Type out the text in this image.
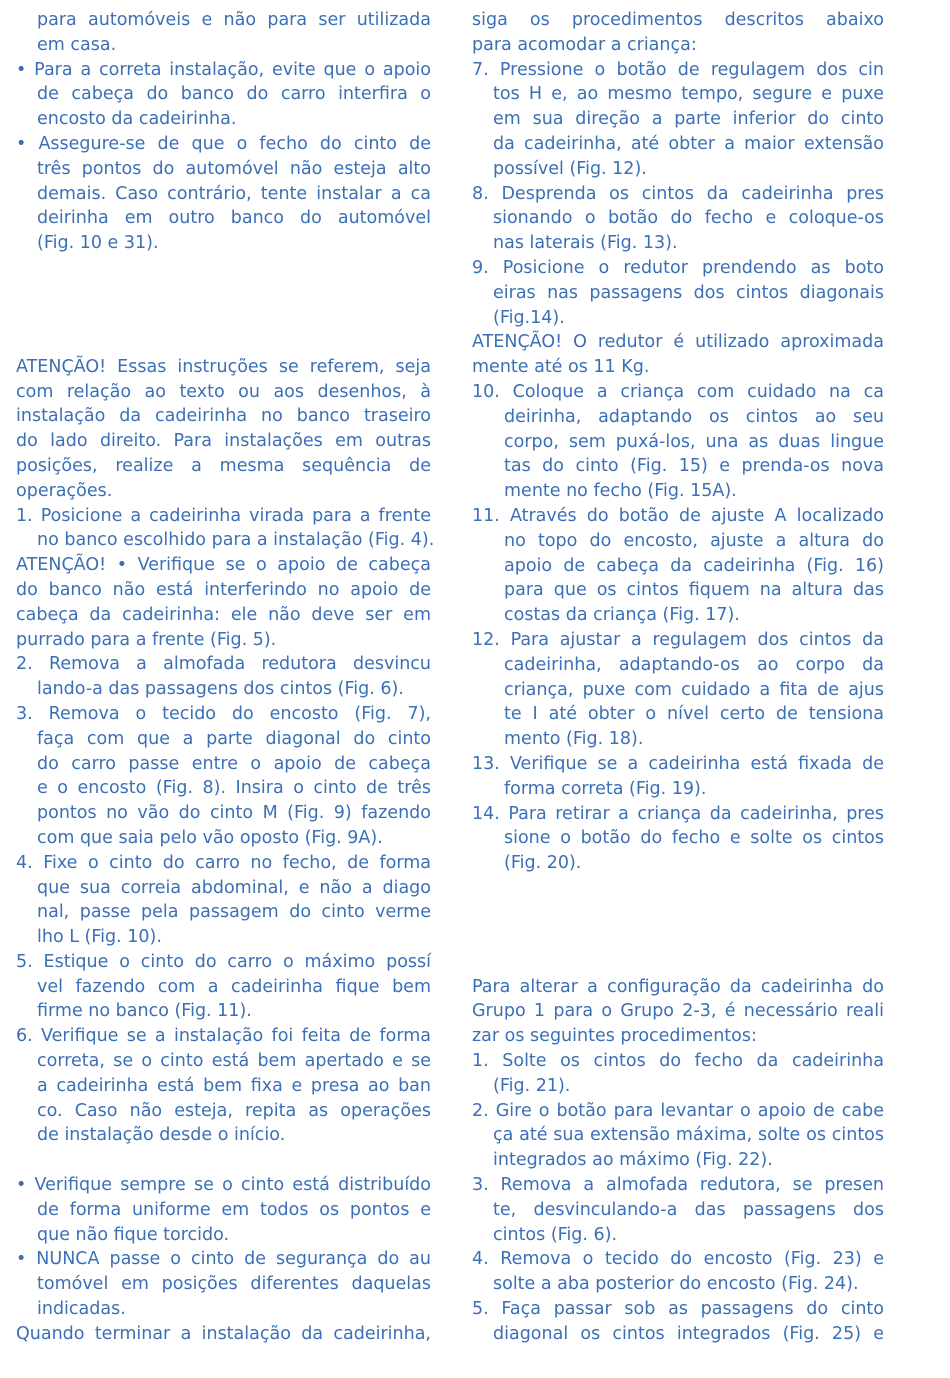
para automóveis e não para ser utilizada
em casa.
• Para a correta instalação, evite que o apoio
de cabeça do banco do carro interfira o
encosto da cadeirinha.
• Assegure-se de que o fecho do cinto de
três pontos do automóvel não esteja alto
demais. Caso contrário, tente instalar a ca
deirinha em outro banco do automóvel
(Fig. 10 e 31).
ATENÇÃO! Essas instruções se referem, seja
com relação ao texto ou aos desenhos, à
instalação da cadeirinha no banco traseiro
do lado direito. Para instalações em outras
posições, realize a mesma sequência de
operações.
1. Posicione a cadeirinha virada para a frente
no banco escolhido para a instalação (Fig. 4).
ATENÇÃO! • Verifique se o apoio de cabeça
do banco não está interferindo no apoio de
cabeça da cadeirinha: ele não deve ser em
purrado para a frente (Fig. 5).
2. Remova a almofada redutora desvincu
lando-a das passagens dos cintos (Fig. 6).
3. Remova o tecido do encosto (Fig. 7),
faça com que a parte diagonal do cinto
do carro passe entre o apoio de cabeça
e o encosto (Fig. 8). Insira o cinto de três
pontos no vão do cinto M (Fig. 9) fazendo
com que saia pelo vão oposto (Fig. 9A).
4. Fixe o cinto do carro no fecho, de forma
que sua correia abdominal, e não a diago
nal, passe pela passagem do cinto verme
lho L (Fig. 10).
5. Estique o cinto do carro o máximo possí
vel fazendo com a cadeirinha fique bem
firme no banco (Fig. 11).
6. Verifique se a instalação foi feita de forma
correta, se o cinto está bem apertado e se
a cadeirinha está bem fixa e presa ao ban
co. Caso não esteja, repita as operações
de instalação desde o início.
• Verifique sempre se o cinto está distribuído
de forma uniforme em todos os pontos e
que não fique torcido.
• NUNCA passe o cinto de segurança do au
tomóvel em posições diferentes daquelas
indicadas.
Quando terminar a instalação da cadeirinha,
siga os procedimentos descritos abaixo
para acomodar a criança:
7. Pressione o botão de regulagem dos cin
tos H e, ao mesmo tempo, segure e puxe
em sua direção a parte inferior do cinto
da cadeirinha, até obter a maior extensão
possível (Fig. 12).
8. Desprenda os cintos da cadeirinha pres
sionando o botão do fecho e coloque-os
nas laterais (Fig. 13).
9. Posicione o redutor prendendo as boto
eiras nas passagens dos cintos diagonais
(Fig.14).
ATENÇÃO! O redutor é utilizado aproximada
mente até os 11 Kg.
10. Coloque a criança com cuidado na ca
deirinha, adaptando os cintos ao seu
corpo, sem puxá-los, una as duas lingue
tas do cinto (Fig. 15) e prenda-os nova
mente no fecho (Fig. 15A).
11. Através do botão de ajuste A localizado
no topo do encosto, ajuste a altura do
apoio de cabeça da cadeirinha (Fig. 16)
para que os cintos fiquem na altura das
costas da criança (Fig. 17).
12. Para ajustar a regulagem dos cintos da
cadeirinha, adaptando-os ao corpo da
criança, puxe com cuidado a fita de ajus
te I até obter o nível certo de tensiona
mento (Fig. 18).
13. Verifique se a cadeirinha está fixada de
forma correta (Fig. 19).
14. Para retirar a criança da cadeirinha, pres
sione o botão do fecho e solte os cintos
(Fig. 20).
Para alterar a configuração da cadeirinha do
Grupo 1 para o Grupo 2-3, é necessário reali
zar os seguintes procedimentos:
1. Solte os cintos do fecho da cadeirinha
(Fig. 21).
2. Gire o botão para levantar o apoio de cabe
ça até sua extensão máxima, solte os cintos
integrados ao máximo (Fig. 22).
3. Remova a almofada redutora, se presen
te, desvinculando-a das passagens dos
cintos (Fig. 6).
4. Remova o tecido do encosto (Fig. 23) e
solte a aba posterior do encosto (Fig. 24).
5. Faça passar sob as passagens do cinto
diagonal os cintos integrados (Fig. 25) e
